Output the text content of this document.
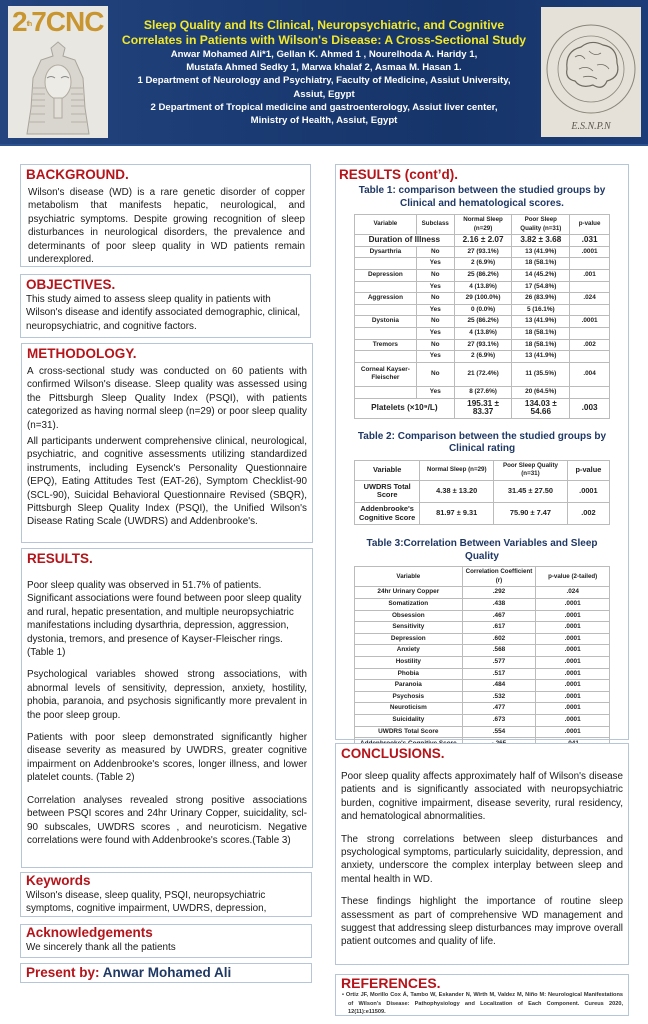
2th7CNC	Sleep Quality and Its Clinical, Neuropsychiatric, and Cognitive
Correlates in Patients with Wilson's Disease: A Cross-Sectional Study
Anwar Mohamed Ali*1, Gellan K. Ahmed 1 , Nourelhoda A. Haridy 1,
Mustafa Ahmed Sedky 1, Marwa khalaf 2, Asmaa M. Hasan 1.
1 Department of Neurology and Psychiatry, Faculty of Medicine, Assiut University,
Assiut, Egypt
2 Department of Tropical medicine and gastroenterology, Assiut liver center,
Ministry of Health, Assiut, Egypt
E.S.N.P.N
BACKGROUND.
Wilson's disease (WD) is a rare genetic disorder of copper metabolism that manifests hepatic, neurological, and psychiatric symptoms. Despite growing recognition of sleep disturbances in neurological disorders, the prevalence and determinants of poor sleep quality in WD patients remain underexplored.
OBJECTIVES.
This study aimed to assess sleep quality in patients with Wilson's disease and identify associated demographic, clinical, neuropsychiatric, and cognitive factors.
METHODOLOGY.
A cross-sectional study was conducted on 60 patients with confirmed Wilson's disease. Sleep quality was assessed using the Pittsburgh Sleep Quality Index (PSQI), with patients categorized as having normal sleep (n=29) or poor sleep quality (n=31).
All participants underwent comprehensive clinical, neurological, psychiatric, and cognitive assessments utilizing standardized instruments, including Eysenck's Personality Questionnaire (EPQ), Eating Attitudes Test (EAT-26), Symptom Checklist-90 (SCL-90), Suicidal Behavioral Questionnaire Revised (SBQR), Pittsburgh Sleep Quality Index (PSQI), the Unified Wilson's Disease Rating Scale (UWDRS) and Addenbrooke's.
RESULTS.
Poor sleep quality was observed in 51.7% of patients. Significant associations were found between poor sleep quality and rural, hepatic presentation, and multiple neuropsychiatric manifestations including dysarthria, depression, aggression, dystonia, tremors, and presence of Kayser-Fleischer rings. (Table 1)
Psychological variables showed strong associations, with abnormal levels of sensitivity, depression, anxiety, hostility, phobia, paranoia, and psychosis significantly more prevalent in the poor sleep group.
Patients with poor sleep demonstrated significantly higher disease severity as measured by UWDRS, greater cognitive impairment on Addenbrooke's scores, longer illness, and lower platelet counts. (Table 2)
Correlation analyses revealed strong positive associations between PSQI scores and 24hr Urinary Copper, suicidality, scl-90 subscales, UWDRS scores , and neuroticism. Negative correlations were found with Addenbrooke's scores.(Table 3)
Keywords
Wilson's disease, sleep quality, PSQI, neuropsychiatric symptoms, cognitive impairment, UWDRS, depression,
Acknowledgements
We sincerely thank all the patients
Present by: Anwar Mohamed Ali
RESULTS (cont’d).
Table 1: comparison between the studied groups by Clinical and hematological scores.
Variable	Subclass	Normal Sleep (n=29)	Poor Sleep Quality (n=31)	p-value
Duration of Illness		2.16 ± 2.07	3.82 ± 3.68	.031
Dysarthria	No	27 (93.1%)	13 (41.9%)	.0001
	Yes	2 (6.9%)	18 (58.1%)	
Depression	No	25 (86.2%)	14 (45.2%)	.001
	Yes	4 (13.8%)	17 (54.8%)	
Aggression	No	29 (100.0%)	26 (83.9%)	.024
	Yes	0 (0.0%)	5 (16.1%)	
Dystonia	No	25 (86.2%)	13 (41.9%)	.0001
	Yes	4 (13.8%)	18 (58.1%)	
Tremors	No	27 (93.1%)	18 (58.1%)	.002
	Yes	2 (6.9%)	13 (41.9%)	
Corneal Kayser-Fleischer	No	21 (72.4%)	11 (35.5%)	.004
	Yes	8 (27.6%)	20 (64.5%)	
Platelets (×10⁹/L)		195.31 ± 83.37	134.03 ± 54.66	.003
Table 2: Comparison between the studied groups by Clinical rating
Variable	Normal Sleep (n=29)	Poor Sleep Quality (n=31)	p-value
UWDRS Total Score	4.38 ± 13.20	31.45 ± 27.50	.0001
Addenbrooke's Cognitive Score	81.97 ± 9.31	75.90 ± 7.47	.002
Table 3:Correlation Between Variables and Sleep Quality
Variable	Correlation Coefficient (r)	p-value (2-tailed)
24hr Urinary Copper	.292	.024
Somatization	.438	.0001
Obsession	.467	.0001
Sensitivity	.617	.0001
Depression	.602	.0001
Anxiety	.568	.0001
Hostility	.577	.0001
Phobia	.517	.0001
Paranoia	.484	.0001
Psychosis	.532	.0001
Neuroticism	.477	.0001
Suicidality	.673	.0001
UWDRS Total Score	.554	.0001

CONCLUSIONS.
Poor sleep quality affects approximately half of Wilson's disease patients and is significantly associated with neuropsychiatric burden, cognitive impairment, disease severity, rural residency, and hematological abnormalities.
The strong correlations between sleep disturbances and psychological symptoms, particularly suicidality, depression, and anxiety, underscore the complex interplay between sleep and mental health in WD.
These findings highlight the importance of routine sleep assessment as part of comprehensive WD management and suggest that addressing sleep disturbances may improve overall patient outcomes and quality of life.
REFERENCES.
• Ortiz JF, Morillo Cox Á, Tambo W, Eskander N, Wirth M, Valdez M, Niño M: Neurological Manifestations of Wilson's Disease: Pathophysiology and Localization of Each Component. Cureus 2020, 12(11):e11509.
